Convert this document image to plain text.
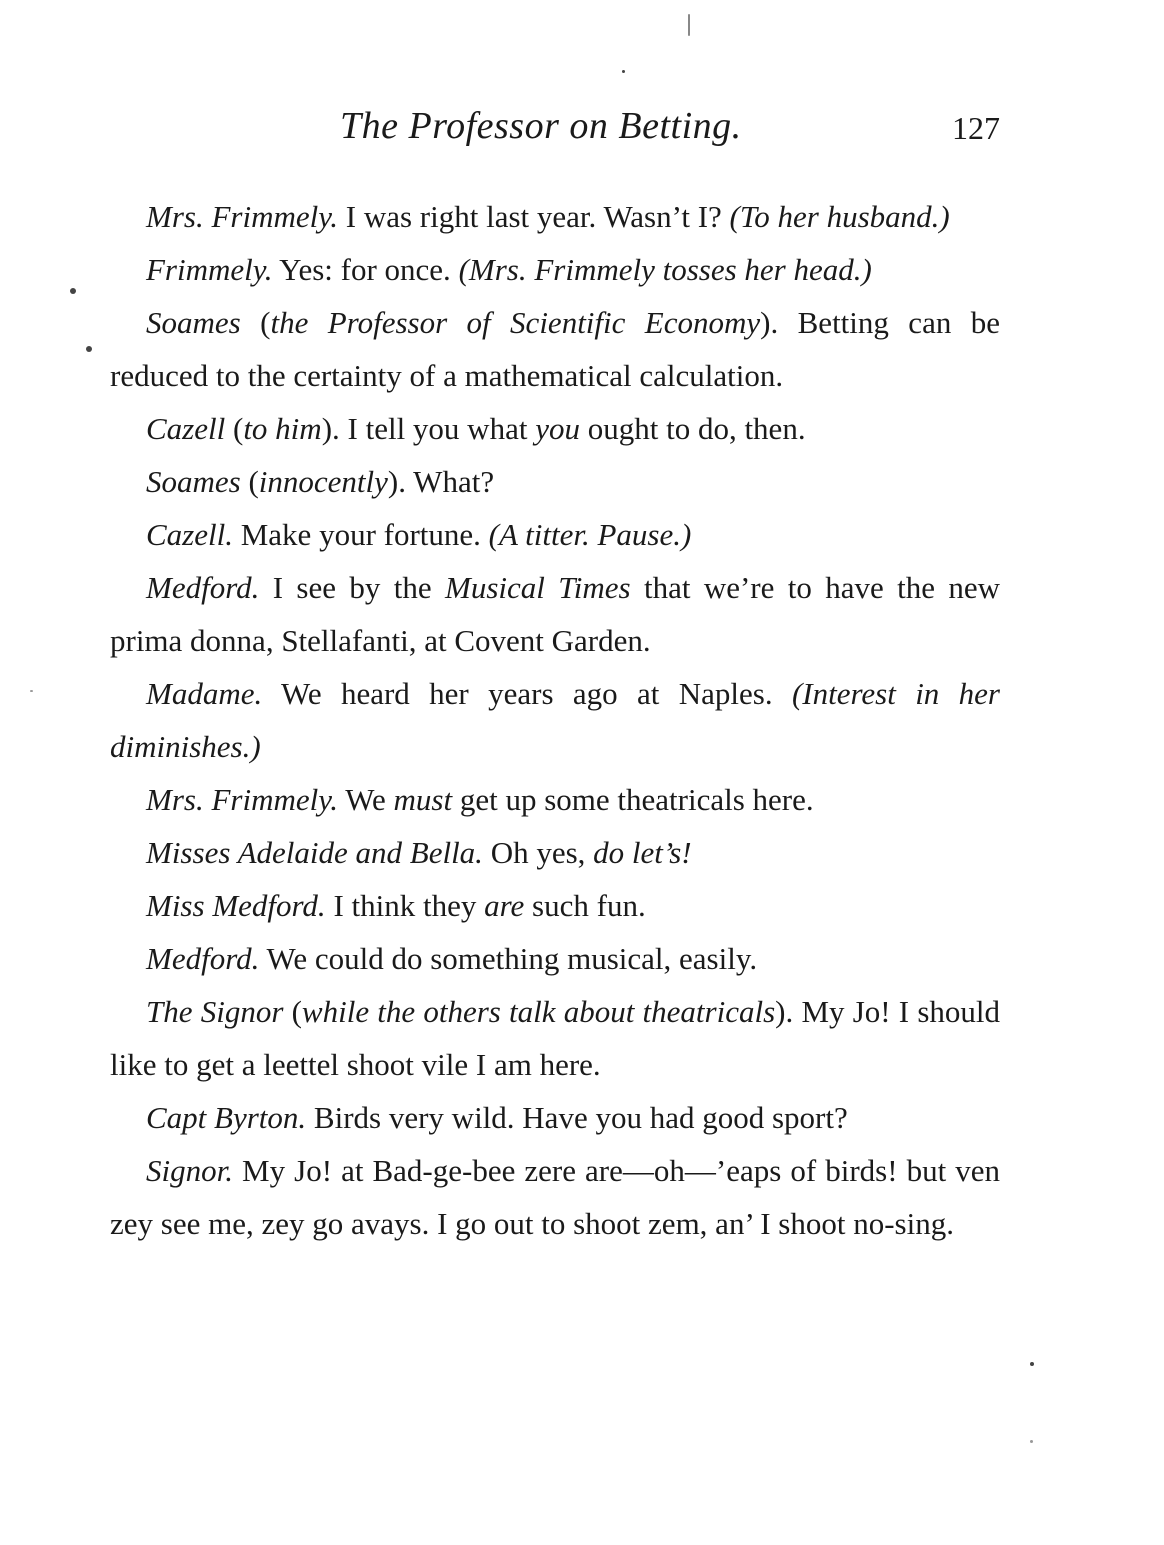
The Professor on Betting.	127

Mrs. Frimmely. I was right last year. Wasn’t I? (To her husband.)

Frimmely. Yes: for once. (Mrs. Frimmely tosses her head.)

Soames (the Professor of Scientific Economy). Betting can be reduced to the certainty of a mathematical calculation.

Cazell (to him). I tell you what you ought to do, then.

Soames (innocently). What?

Cazell. Make your fortune. (A titter. Pause.)

Medford. I see by the Musical Times that we’re to have the new prima donna, Stellafanti, at Covent Garden.

Madame. We heard her years ago at Naples. (Interest in her diminishes.)

Mrs. Frimmely. We must get up some theatricals here.

Misses Adelaide and Bella. Oh yes, do let’s!

Miss Medford. I think they are such fun.

Medford. We could do something musical, easily.

The Signor (while the others talk about theatricals). My Jo! I should like to get a leettel shoot vile I am here.

Capt Byrton. Birds very wild. Have you had good sport?

Signor. My Jo! at Bad-ge-bee zere are—oh—’eaps of birds! but ven zey see me, zey go avays. I go out to shoot zem, an’ I shoot no-sing.
